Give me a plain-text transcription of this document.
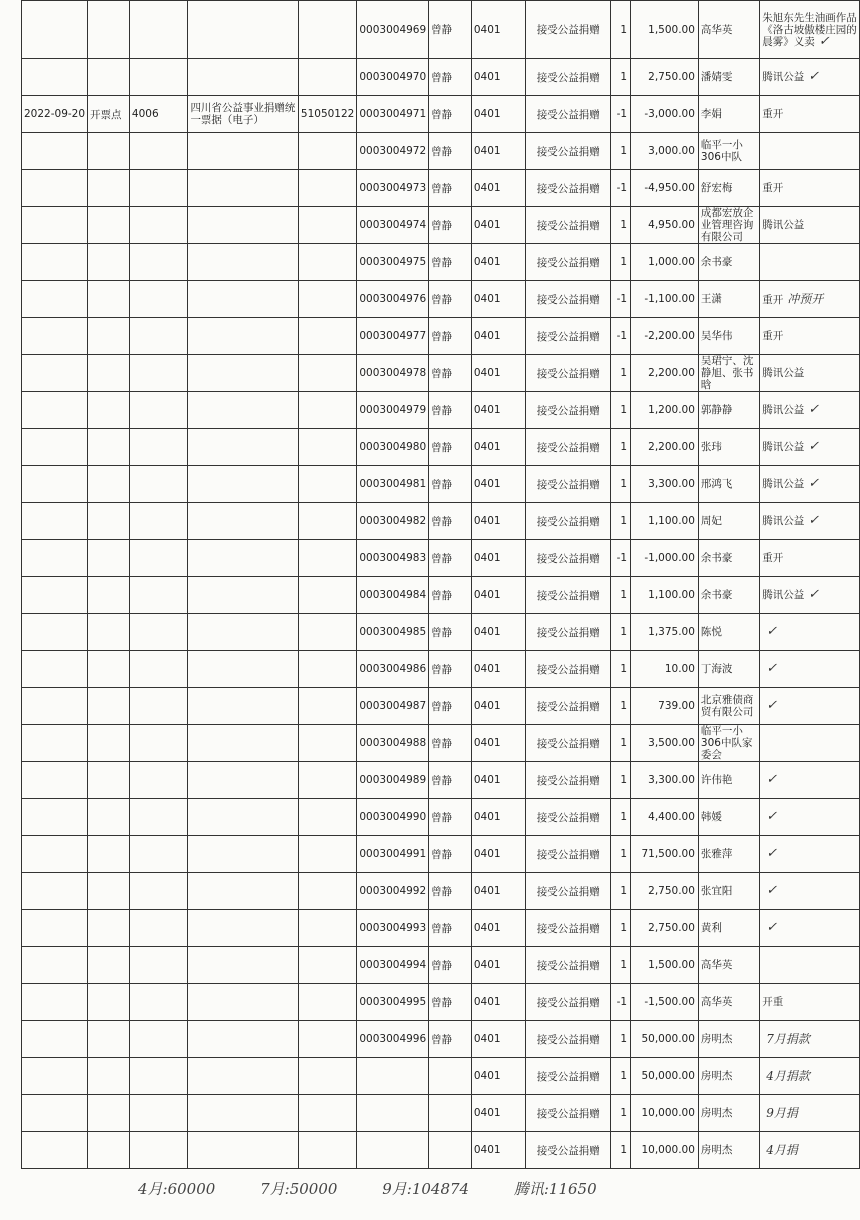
					0003004969	曾静	0401	接受公益捐赠	1	1,500.00	高华英	朱旭东先生油画作品《洛古坡傲楼庄园的晨雾》义卖 ✓
					0003004970	曾静	0401	接受公益捐赠	1	2,750.00	潘婧雯	腾讯公益 ✓
2022-09-20	开票点	4006	四川省公益事业捐赠统一票据（电子）	51050122	0003004971	曾静	0401	接受公益捐赠	-1	-3,000.00	李娟	重开
					0003004972	曾静	0401	接受公益捐赠	1	3,000.00	临平一小306中队	
					0003004973	曾静	0401	接受公益捐赠	-1	-4,950.00	舒宏梅	重开
					0003004974	曾静	0401	接受公益捐赠	1	4,950.00	成都宏放企业管理咨询有限公司	腾讯公益
					0003004975	曾静	0401	接受公益捐赠	1	1,000.00	余书豪	
					0003004976	曾静	0401	接受公益捐赠	-1	-1,100.00	王潇	重开 冲预开
					0003004977	曾静	0401	接受公益捐赠	-1	-2,200.00	吴华伟	重开
					0003004978	曾静	0401	接受公益捐赠	1	2,200.00	吴珺宁、沈静旭、张书晗	腾讯公益
					0003004979	曾静	0401	接受公益捐赠	1	1,200.00	郭静静	腾讯公益 ✓
					0003004980	曾静	0401	接受公益捐赠	1	2,200.00	张玮	腾讯公益 ✓
					0003004981	曾静	0401	接受公益捐赠	1	3,300.00	邢鸿飞	腾讯公益 ✓
					0003004982	曾静	0401	接受公益捐赠	1	1,100.00	周妃	腾讯公益 ✓
					0003004983	曾静	0401	接受公益捐赠	-1	-1,000.00	余书豪	重开
					0003004984	曾静	0401	接受公益捐赠	1	1,100.00	余书豪	腾讯公益 ✓
					0003004985	曾静	0401	接受公益捐赠	1	1,375.00	陈悦	✓
					0003004986	曾静	0401	接受公益捐赠	1	10.00	丁海波	✓
					0003004987	曾静	0401	接受公益捐赠	1	739.00	北京雅债商贸有限公司	✓
					0003004988	曾静	0401	接受公益捐赠	1	3,500.00	临平一小306中队家委会	
					0003004989	曾静	0401	接受公益捐赠	1	3,300.00	许伟艳	✓
					0003004990	曾静	0401	接受公益捐赠	1	4,400.00	韩媛	✓
					0003004991	曾静	0401	接受公益捐赠	1	71,500.00	张雅萍	✓
					0003004992	曾静	0401	接受公益捐赠	1	2,750.00	张宜阳	✓
					0003004993	曾静	0401	接受公益捐赠	1	2,750.00	黄利	✓
					0003004994	曾静	0401	接受公益捐赠	1	1,500.00	高华英	
					0003004995	曾静	0401	接受公益捐赠	-1	-1,500.00	高华英	开重
					0003004996	曾静	0401	接受公益捐赠	1	50,000.00	房明杰	7月捐款
							0401	接受公益捐赠	1	50,000.00	房明杰	4月捐款
							0401	接受公益捐赠	1	10,000.00	房明杰	9月捐
							0401	接受公益捐赠	1	10,000.00	房明杰	4月捐
4月:60000	7月:50000	9月:104874	腾讯:11650
